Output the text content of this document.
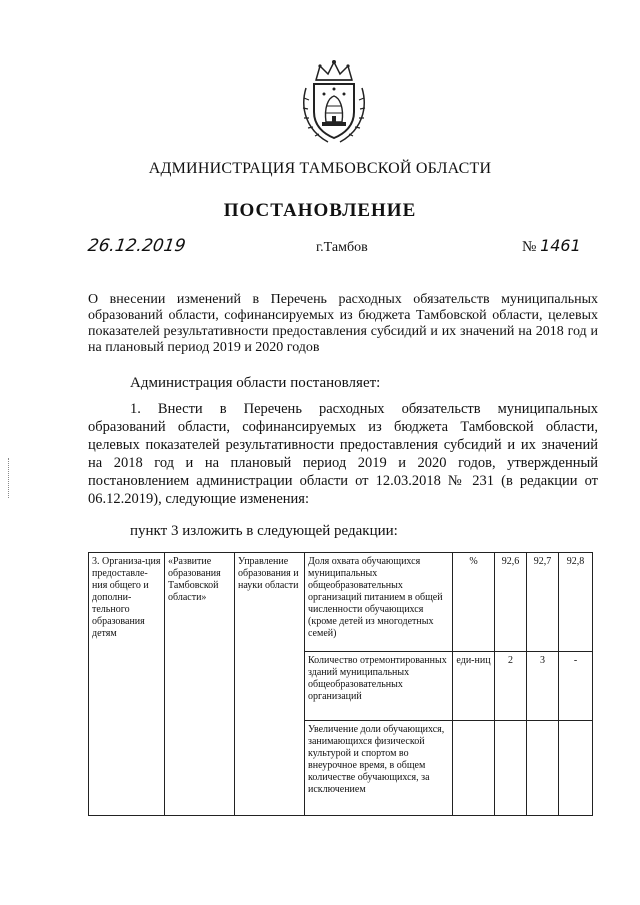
АДМИНИСТРАЦИЯ ТАМБОВСКОЙ ОБЛАСТИ
ПОСТАНОВЛЕНИЕ
26.12.2019	г.Тамбов	№ 1461
О внесении изменений в Перечень расходных обязательств муниципальных образований области, софинансируемых из бюджета Тамбовской области, целевых показателей результативности предоставления субсидий и их значений на 2018 год и на плановый период 2019 и 2020 годов
Администрация области постановляет:
1. Внести в Перечень расходных обязательств муниципальных образований области, софинансируемых из бюджета Тамбовской области, целевых показателей результативности предоставления субсидий и их значений на 2018 год и на плановый период 2019 и 2020 годов, утвержденный постановлением администрации области от 12.03.2018 № 231 (в редакции от 06.12.2019), следующие изменения:
пункт 3 изложить в следующей редакции:
3. Организа-ция предоставле-ния общего и дополни-тельного образования детям	«Развитие образования Тамбовской области»	Управление образования и науки области	Доля охвата обучающихся муниципальных общеобразовательных организаций питанием в общей численности обучающихся (кроме детей из многодетных семей)	%	92,6	92,7	92,8
			Количество отремонтированных зданий муниципальных общеобразовательных организаций	еди-ниц	2	3	-
			Увеличение доли обучающихся, занимающихся физической культурой и спортом во внеурочное время, в общем количестве обучающихся, за исключением				
